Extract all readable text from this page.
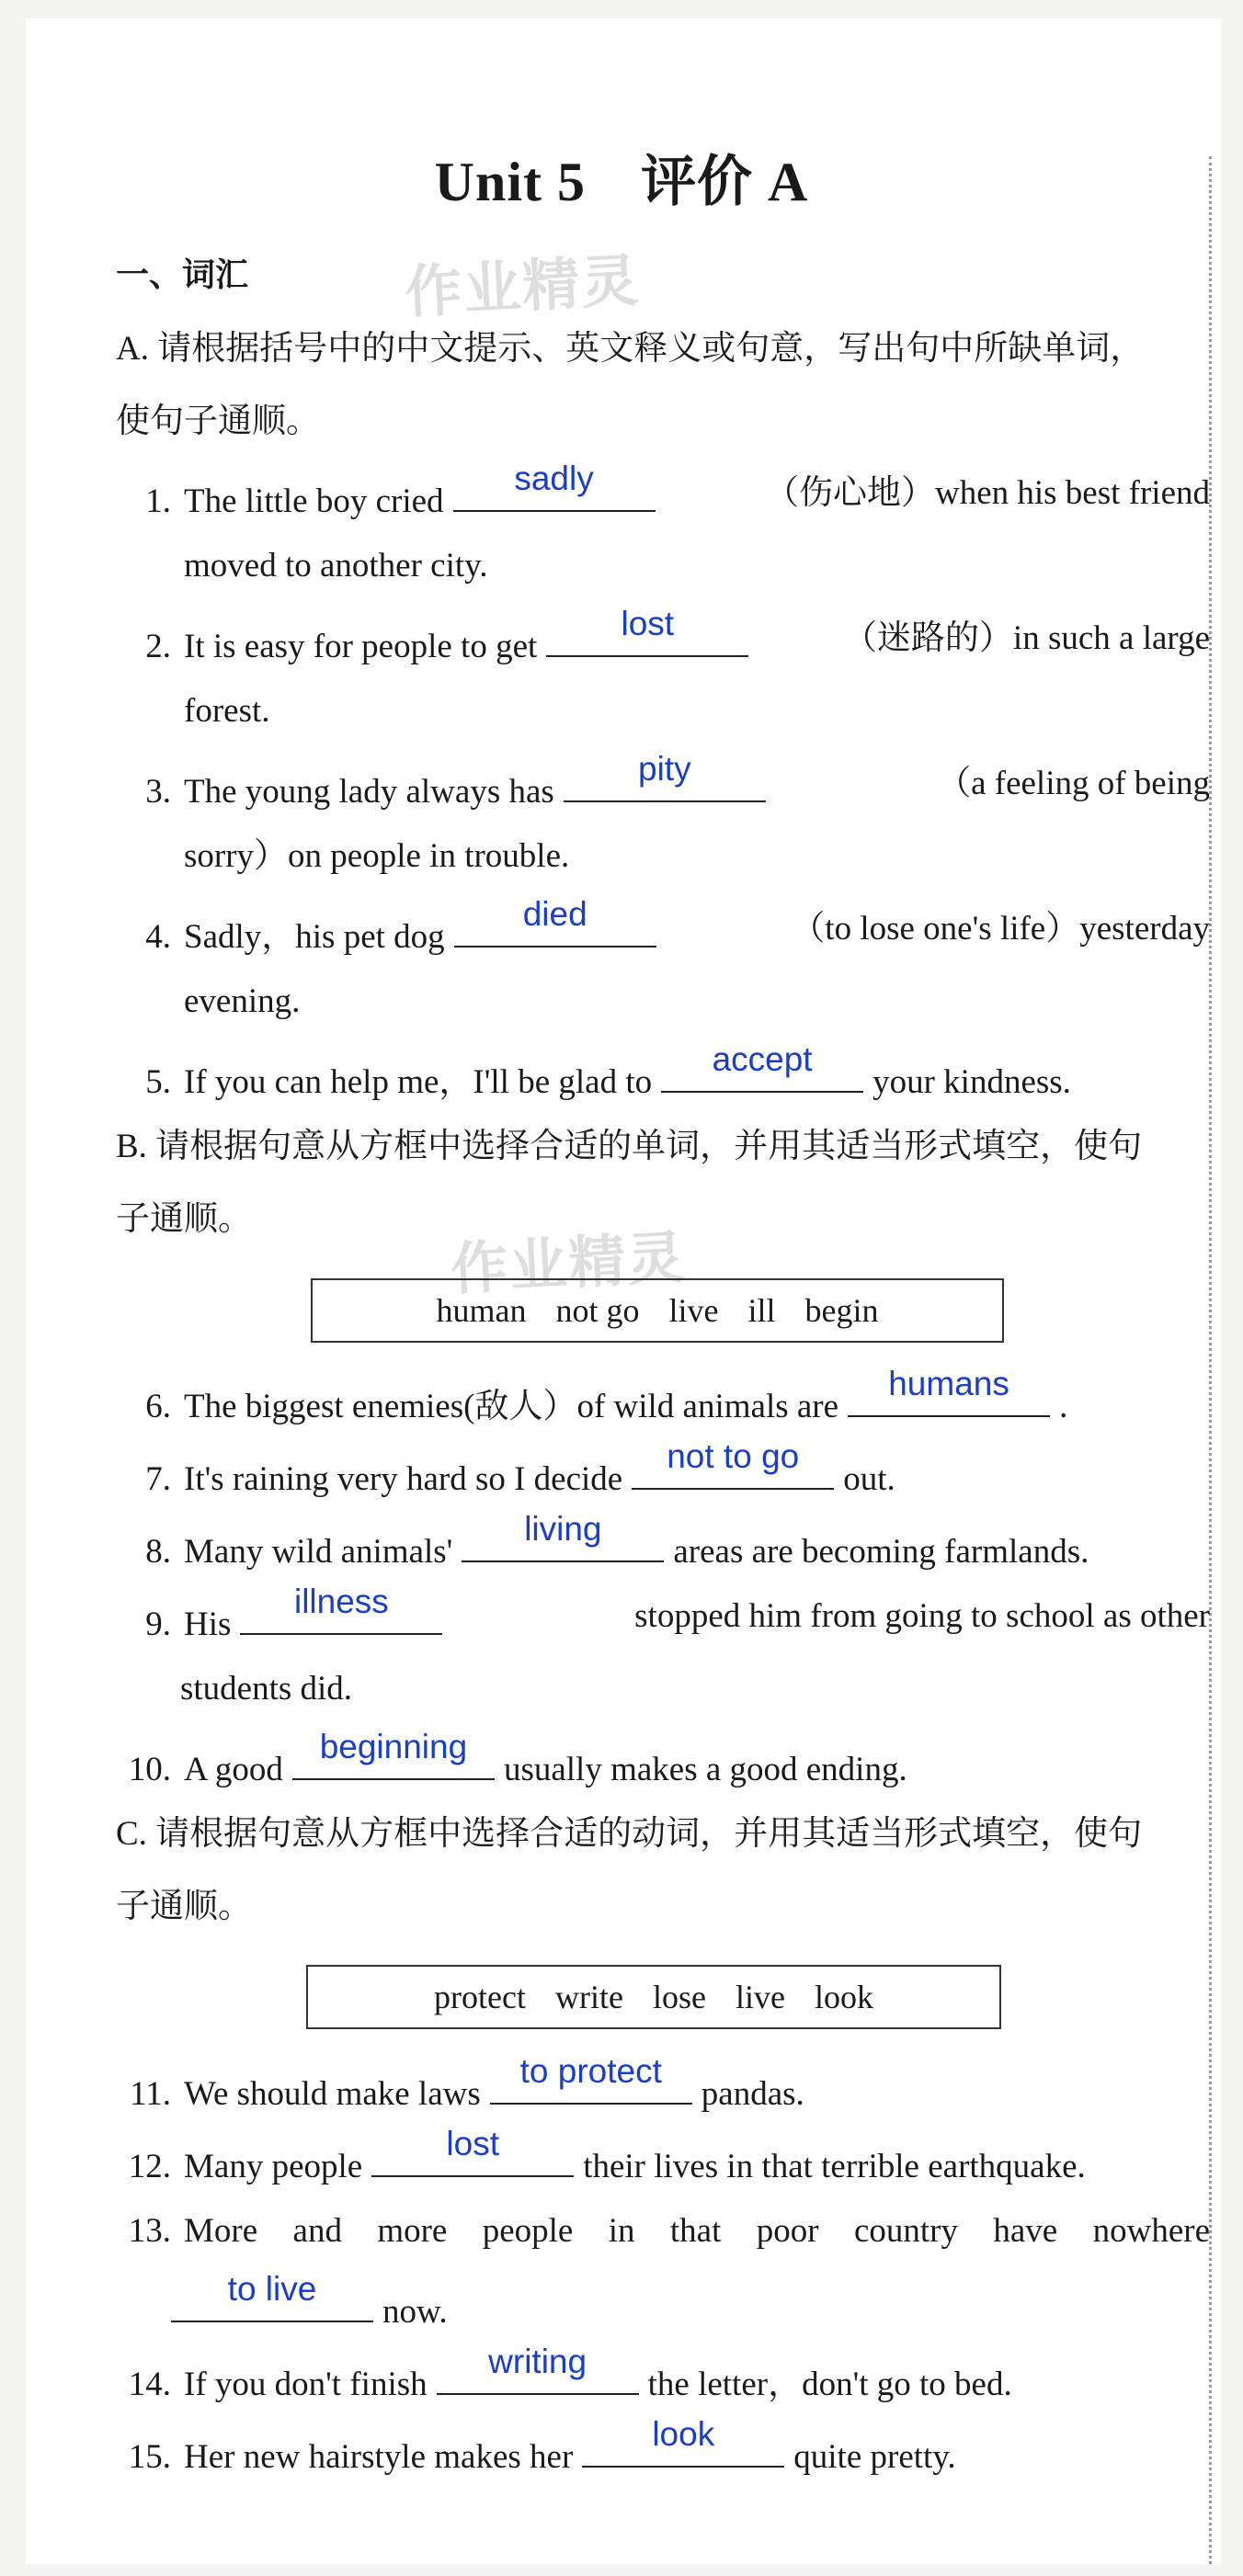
Unit 5 评价 A
作业精灵
作业精灵
一、词汇
A. 请根据括号中的中文提示、英文释义或句意，写出句中所缺单词，
使句子通顺。
1. The little boy cried
sadly	（伤心地）when his best friend
moved to another city.
2. It is easy for people to get
lost	（迷路的）in such a large
forest.
3. The young lady always has
pity	（a feeling of being
sorry）on people in trouble.
4. Sadly，his pet dog
died	（to lose one's life）yesterday
evening.
5. If you can help me，I'll be glad to
accept
your kindness.
B. 请根据句意从方框中选择合适的单词，并用其适当形式填空，使句
子通顺。
human not go live ill begin
6. The biggest enemies(敌人）of wild animals are
humans
.
7. It's raining very hard so I decide
not to go
out.
8. Many wild animals'
living
areas are becoming farmlands.
9. His
illness	stopped him from going to school as other
students did.
10. A good
beginning
usually makes a good ending.
C. 请根据句意从方框中选择合适的动词，并用其适当形式填空，使句
子通顺。
protect write lose live look
11. We should make laws
to protect
pandas.
12. Many people
lost
their lives in that terrible earthquake.
13. More and more people in that poor country have nowhere
to live
now.
14. If you don't finish
writing
the letter，don't go to bed.
15. Her new hairstyle makes her
look
quite pretty.
